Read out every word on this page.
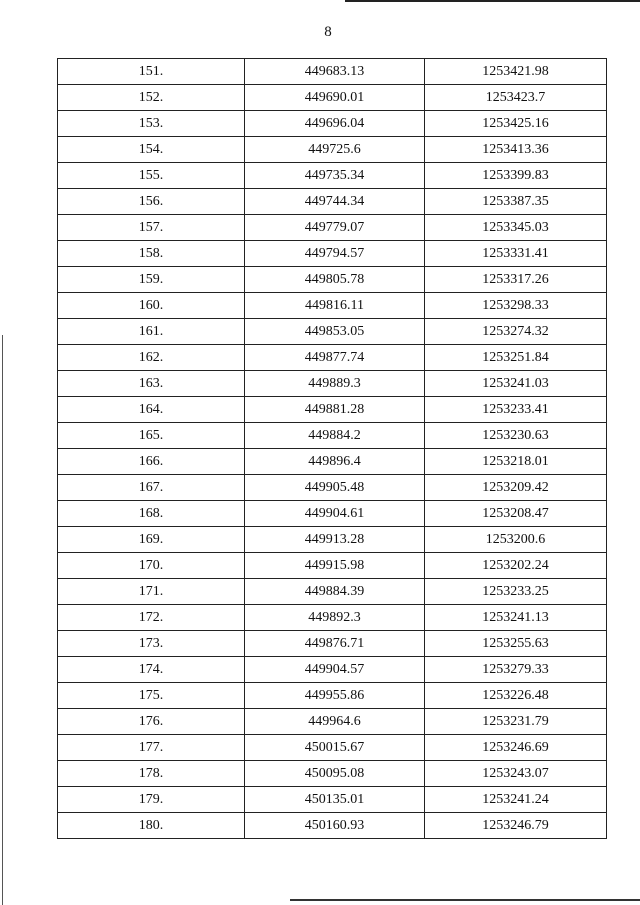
8
151.	449683.13	1253421.98
152.	449690.01	1253423.7
153.	449696.04	1253425.16
154.	449725.6	1253413.36
155.	449735.34	1253399.83
156.	449744.34	1253387.35
157.	449779.07	1253345.03
158.	449794.57	1253331.41
159.	449805.78	1253317.26
160.	449816.11	1253298.33
161.	449853.05	1253274.32
162.	449877.74	1253251.84
163.	449889.3	1253241.03
164.	449881.28	1253233.41
165.	449884.2	1253230.63
166.	449896.4	1253218.01
167.	449905.48	1253209.42
168.	449904.61	1253208.47
169.	449913.28	1253200.6
170.	449915.98	1253202.24
171.	449884.39	1253233.25
172.	449892.3	1253241.13
173.	449876.71	1253255.63
174.	449904.57	1253279.33
175.	449955.86	1253226.48
176.	449964.6	1253231.79
177.	450015.67	1253246.69
178.	450095.08	1253243.07
179.	450135.01	1253241.24
180.	450160.93	1253246.79
